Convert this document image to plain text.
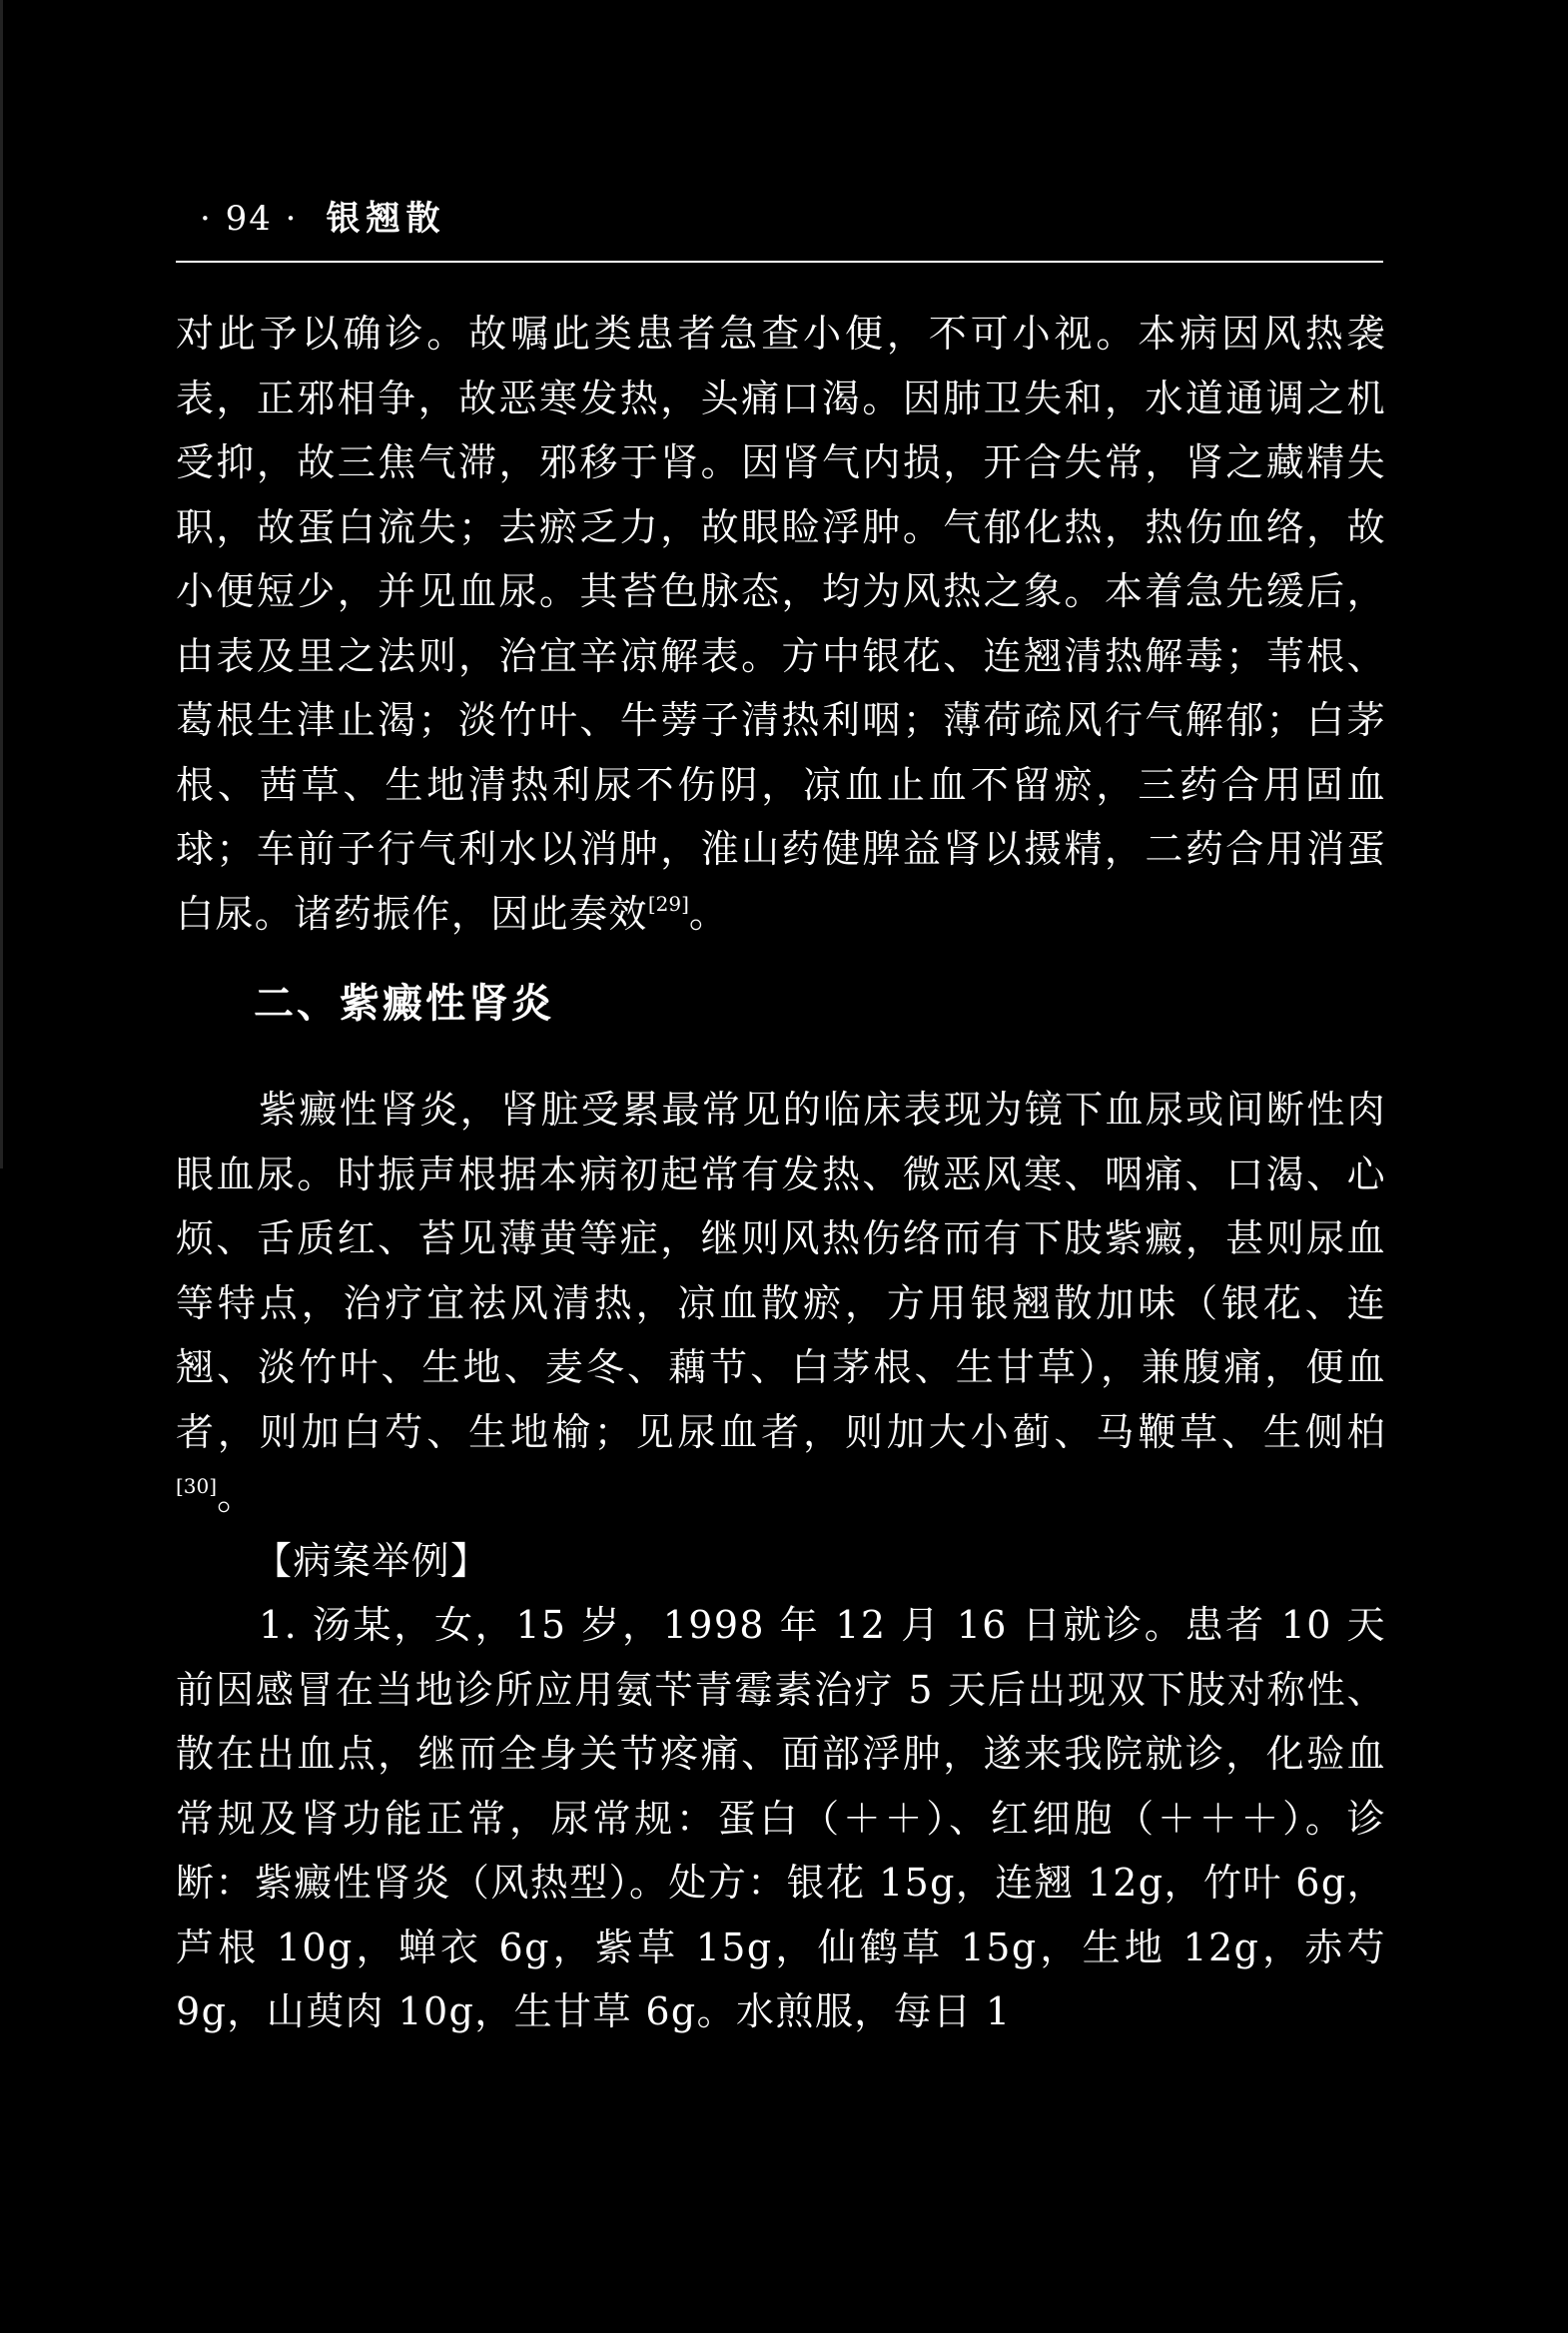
· 94 · 银翘散

对此予以确诊。故嘱此类患者急查小便，不可小视。本病因风热袭表，正邪相争，故恶寒发热，头痛口渴。因肺卫失和，水道通调之机受抑，故三焦气滞，邪移于肾。因肾气内损，开合失常，肾之藏精失职，故蛋白流失；去瘀乏力，故眼睑浮肿。气郁化热，热伤血络，故小便短少，并见血尿。其苔色脉态，均为风热之象。本着急先缓后，由表及里之法则，治宜辛凉解表。方中银花、连翘清热解毒；苇根、葛根生津止渴；淡竹叶、牛蒡子清热利咽；薄荷疏风行气解郁；白茅根、茜草、生地清热利尿不伤阴，凉血止血不留瘀，三药合用固血球；车前子行气利水以消肿，淮山药健脾益肾以摄精，二药合用消蛋白尿。诸药振作，因此奏效[29]。

二、紫癜性肾炎

紫癜性肾炎，肾脏受累最常见的临床表现为镜下血尿或间断性肉眼血尿。时振声根据本病初起常有发热、微恶风寒、咽痛、口渴、心烦、舌质红、苔见薄黄等症，继则风热伤络而有下肢紫癜，甚则尿血等特点，治疗宜祛风清热，凉血散瘀，方用银翘散加味（银花、连翘、淡竹叶、生地、麦冬、藕节、白茅根、生甘草），兼腹痛，便血者，则加白芍、生地榆；见尿血者，则加大小蓟、马鞭草、生侧柏[30]。

【病案举例】

1. 汤某，女，15 岁，1998 年 12 月 16 日就诊。患者 10 天前因感冒在当地诊所应用氨苄青霉素治疗 5 天后出现双下肢对称性、散在出血点，继而全身关节疼痛、面部浮肿，遂来我院就诊，化验血常规及肾功能正常，尿常规：蛋白（＋＋）、红细胞（＋＋＋）。诊断：紫癜性肾炎（风热型）。处方：银花 15g，连翘 12g，竹叶 6g，芦根 10g，蝉衣 6g，紫草 15g，仙鹤草 15g，生地 12g，赤芍 9g，山萸肉 10g，生甘草 6g。水煎服，每日 1
